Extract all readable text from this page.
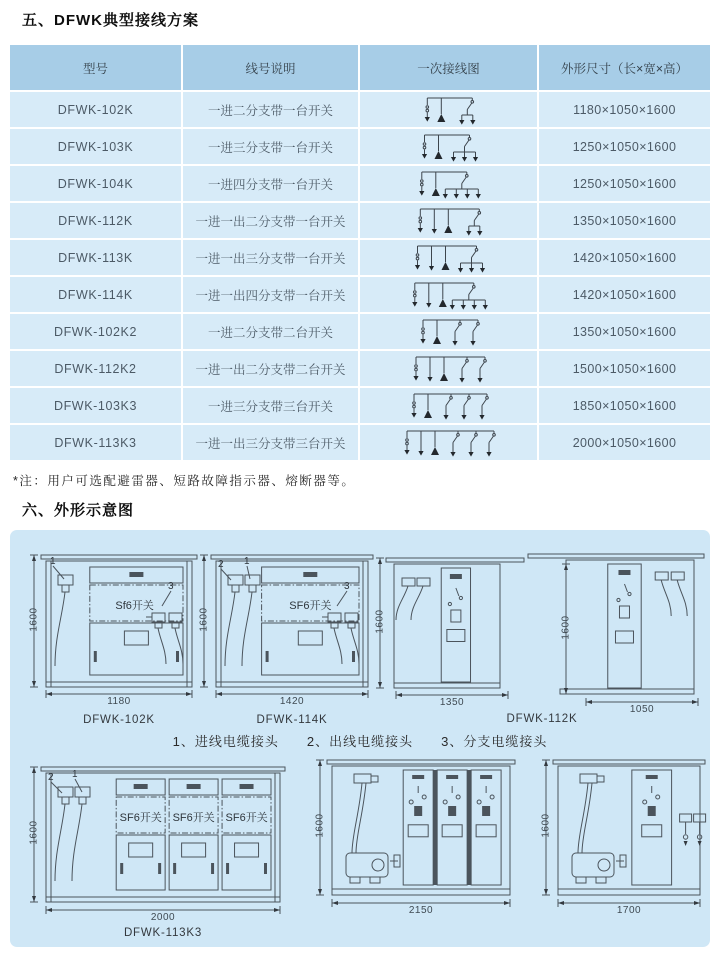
五、DFWK典型接线方案
型号	线号说明	一次接线图	外形尺寸（长×宽×高）
DFWK-102K	一进二分支带一台开关	1180×1050×1600
DFWK-103K	一进三分支带一台开关	1250×1050×1600
DFWK-104K	一进四分支带一台开关	1250×1050×1600
DFWK-112K	一进一出二分支带一台开关	1350×1050×1600
DFWK-113K	一进一出三分支带一台开关	1420×1050×1600
DFWK-114K	一进一出四分支带一台开关	1420×1050×1600
DFWK-102K2	一进二分支带二台开关	1350×1050×1600
DFWK-112K2	一进一出二分支带二台开关	1500×1050×1600
DFWK-103K3	一进三分支带三台开关	1850×1050×1600
DFWK-113K3	一进一出三分支带三台开关	2000×1050×1600
*注：用户可选配避雷器、短路故障指示器、熔断器等。
六、外形示意图
Sf6开关
1
3
SF6开关
2 1
3
SF6开关 SF6开关 SF6开关
2 1
1、进线电缆接头　　2、出线电缆接头　　3、分支电缆接头
1180
1600
DFWK-102K
1420
1600
DFWK-114K
1350
1600
1050
1600
DFWK-112K
2000
1600
DFWK-113K3
2150
1600
1700
1600
